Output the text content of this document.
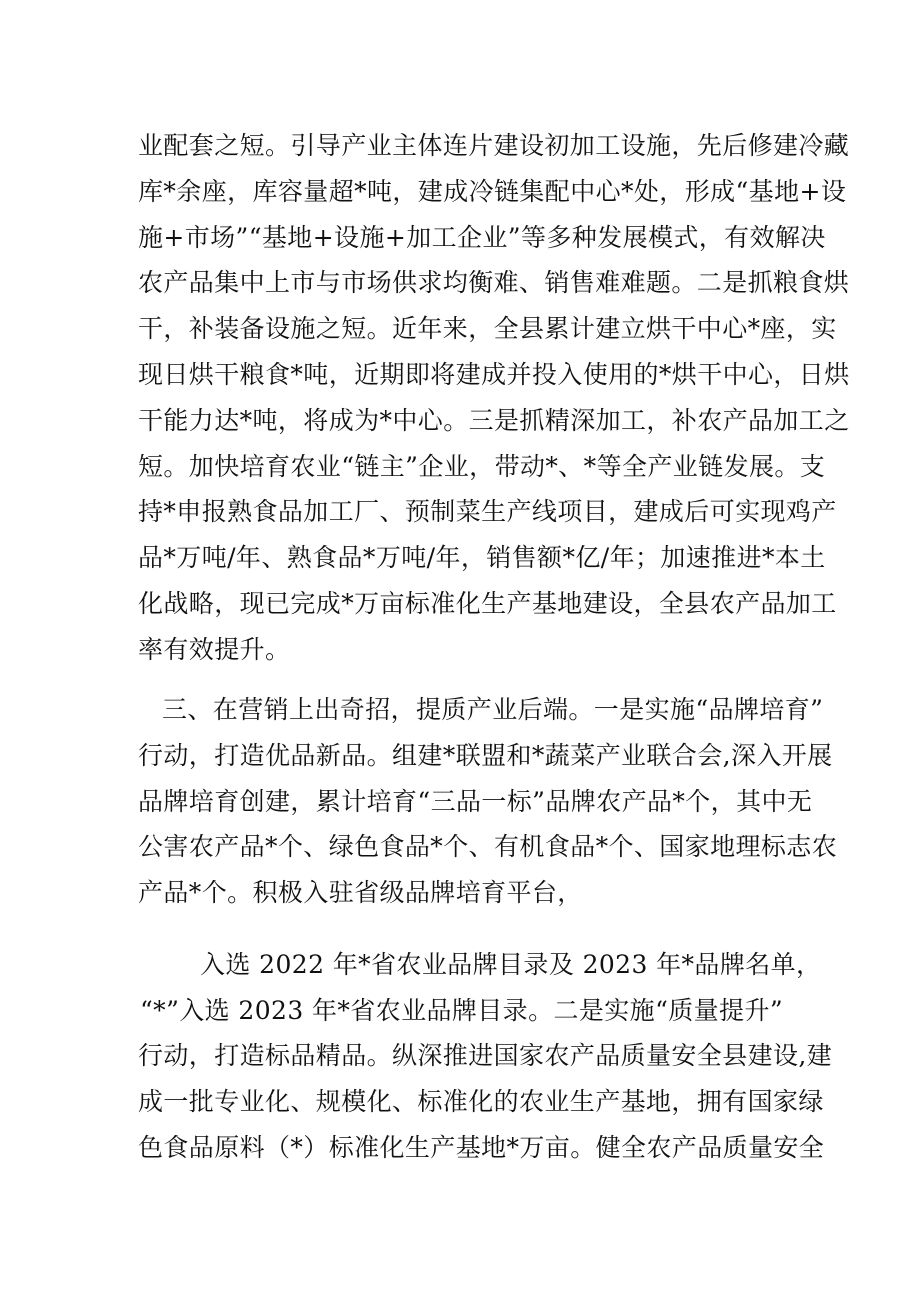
业配套之短。引导产业主体连片建设初加工设施，先后修建冷藏
库*余座，库容量超*吨，建成冷链集配中心*处，形成“基地+设
施+市场”“基地+设施+加工企业”等多种发展模式，有效解决
农产品集中上市与市场供求均衡难、销售难难题。二是抓粮食烘
干，补装备设施之短。近年来，全县累计建立烘干中心*座，实
现日烘干粮食*吨，近期即将建成并投入使用的*烘干中心，日烘
干能力达*吨，将成为*中心。三是抓精深加工，补农产品加工之
短。加快培育农业“链主”企业，带动*、*等全产业链发展。支
持*申报熟食品加工厂、预制菜生产线项目，建成后可实现鸡产
品*万吨/年、熟食品*万吨/年，销售额*亿/年；加速推进*本土
化战略，现已完成*万亩标准化生产基地建设，全县农产品加工
率有效提升。
三、在营销上出奇招，提质产业后端。一是实施“品牌培育”
行动，打造优品新品。组建*联盟和*蔬菜产业联合会,深入开展
品牌培育创建，累计培育“三品一标”品牌农产品*个，其中无
公害农产品*个、绿色食品*个、有机食品*个、国家地理标志农
产品*个。积极入驻省级品牌培育平台，
入选 2022 年*省农业品牌目录及 2023 年*品牌名单，
“*”入选 2023 年*省农业品牌目录。二是实施“质量提升”
行动，打造标品精品。纵深推进国家农产品质量安全县建设,建
成一批专业化、规模化、标准化的农业生产基地，拥有国家绿
色食品原料（*）标准化生产基地*万亩。健全农产品质量安全
